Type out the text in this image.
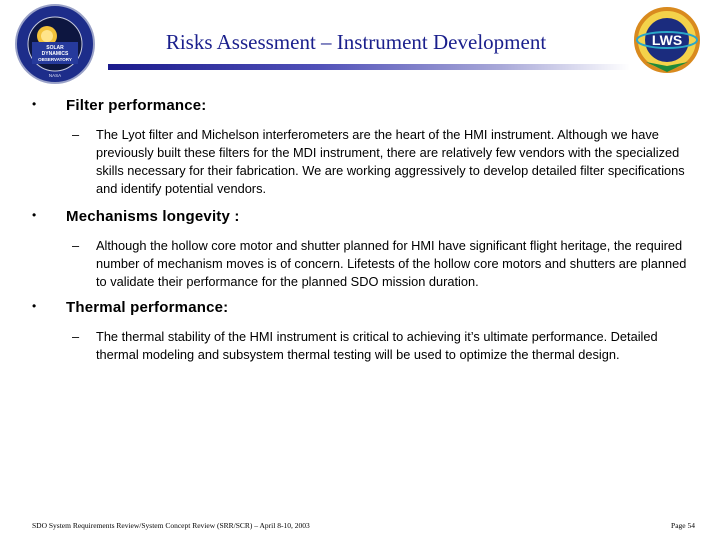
SOLAR
DYNAMICS
OBSERVATORY
NASA
Risks Assessment – Instrument Development	LWS
• Filter performance:
– The Lyot filter and Michelson interferometers are the heart of the HMI instrument. Although we have previously built these filters for the MDI instrument, there are relatively few vendors with the specialized skills necessary for their fabrication. We are working aggressively to develop detailed filter specifications and identify potential vendors.
• Mechanisms longevity :
– Although the hollow core motor and shutter planned for HMI have significant flight heritage, the required number of mechanism moves is of concern. Lifetests of the hollow core motors and shutters are planned to validate their performance for the planned SDO mission duration.
• Thermal performance:
– The thermal stability of the HMI instrument is critical to achieving it’s ultimate performance. Detailed thermal modeling and subsystem thermal testing will be used to optimize the thermal design.
SDO System Requirements Review/System Concept Review (SRR/SCR) – April 8-10, 2003	Page 54
